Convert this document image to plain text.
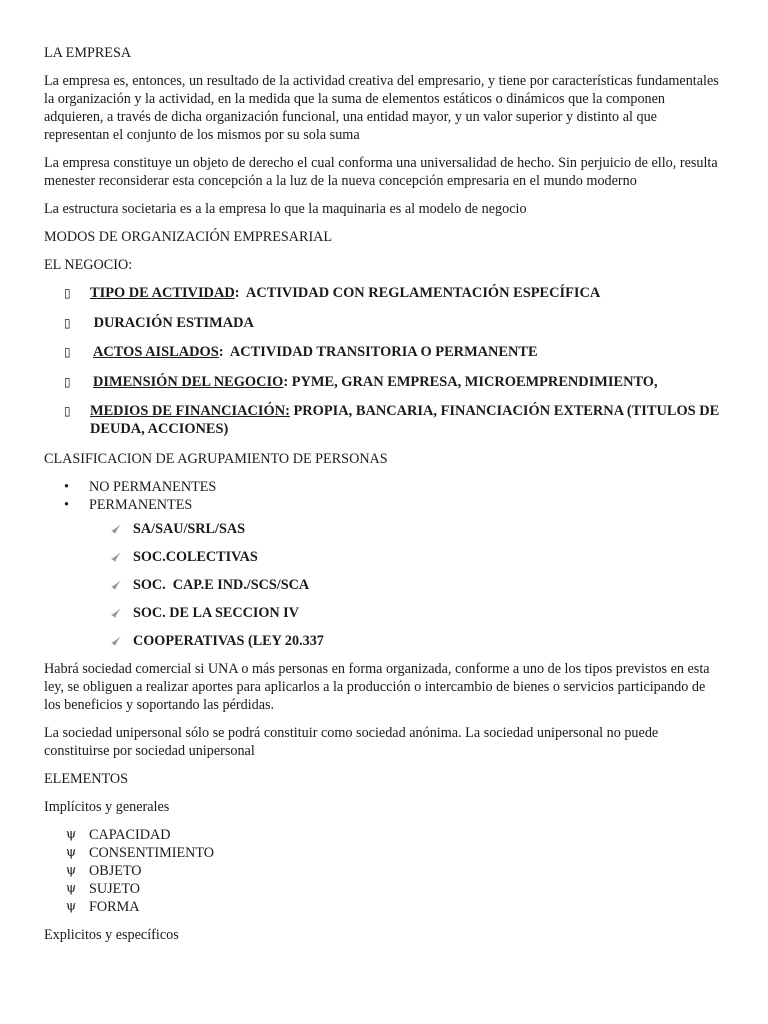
LA EMPRESA

La empresa es, entonces, un resultado de la actividad creativa del empresario, y tiene por características fundamentales la organización y la actividad, en la medida que la suma de elementos estáticos o dinámicos que la componen adquieren, a través de dicha organización funcional, una entidad mayor, y un valor superior y distinto al que representan el conjunto de los mismos por su sola suma

La empresa constituye un objeto de derecho el cual conforma una universalidad de hecho. Sin perjuicio de ello, resulta menester reconsiderar esta concepción a la luz de la nueva concepción empresaria en el mundo moderno

La estructura societaria es a la empresa lo que la maquinaria es al modelo de negocio

MODOS DE ORGANIZACIÓN EMPRESARIAL

EL NEGOCIO:

▯ TIPO DE ACTIVIDAD:  ACTIVIDAD CON REGLAMENTACIÓN ESPECÍFICA
▯ DURACIÓN ESTIMADA
▯ ACTOS AISLADOS:  ACTIVIDAD TRANSITORIA O PERMANENTE
▯ DIMENSIÓN DEL NEGOCIO: PYME, GRAN EMPRESA, MICROEMPRENDIMIENTO,
▯ MEDIOS DE FINANCIACIÓN: PROPIA, BANCARIA, FINANCIACIÓN EXTERNA (TITULOS DE DEUDA, ACCIONES)

CLASIFICACION DE AGRUPAMIENTO DE PERSONAS

• NO PERMANENTES
• PERMANENTES
SA/SAU/SRL/SAS
SOC.COLECTIVAS
SOC.  CAP.E IND./SCS/SCA
SOC. DE LA SECCION IV
COOPERATIVAS (LEY 20.337

Habrá sociedad comercial si UNA o más personas en forma organizada, conforme a uno de los tipos previstos en esta ley, se obliguen a realizar aportes para aplicarlos a la producción o intercambio de bienes o servicios participando de los beneficios y soportando las pérdidas.

La sociedad unipersonal sólo se podrá constituir como sociedad anónima. La sociedad unipersonal no puede constituirse por sociedad unipersonal

ELEMENTOS

Implícitos y generales

ψ CAPACIDAD
ψ CONSENTIMIENTO
ψ OBJETO
ψ SUJETO
ψ FORMA

Explicitos y específicos
